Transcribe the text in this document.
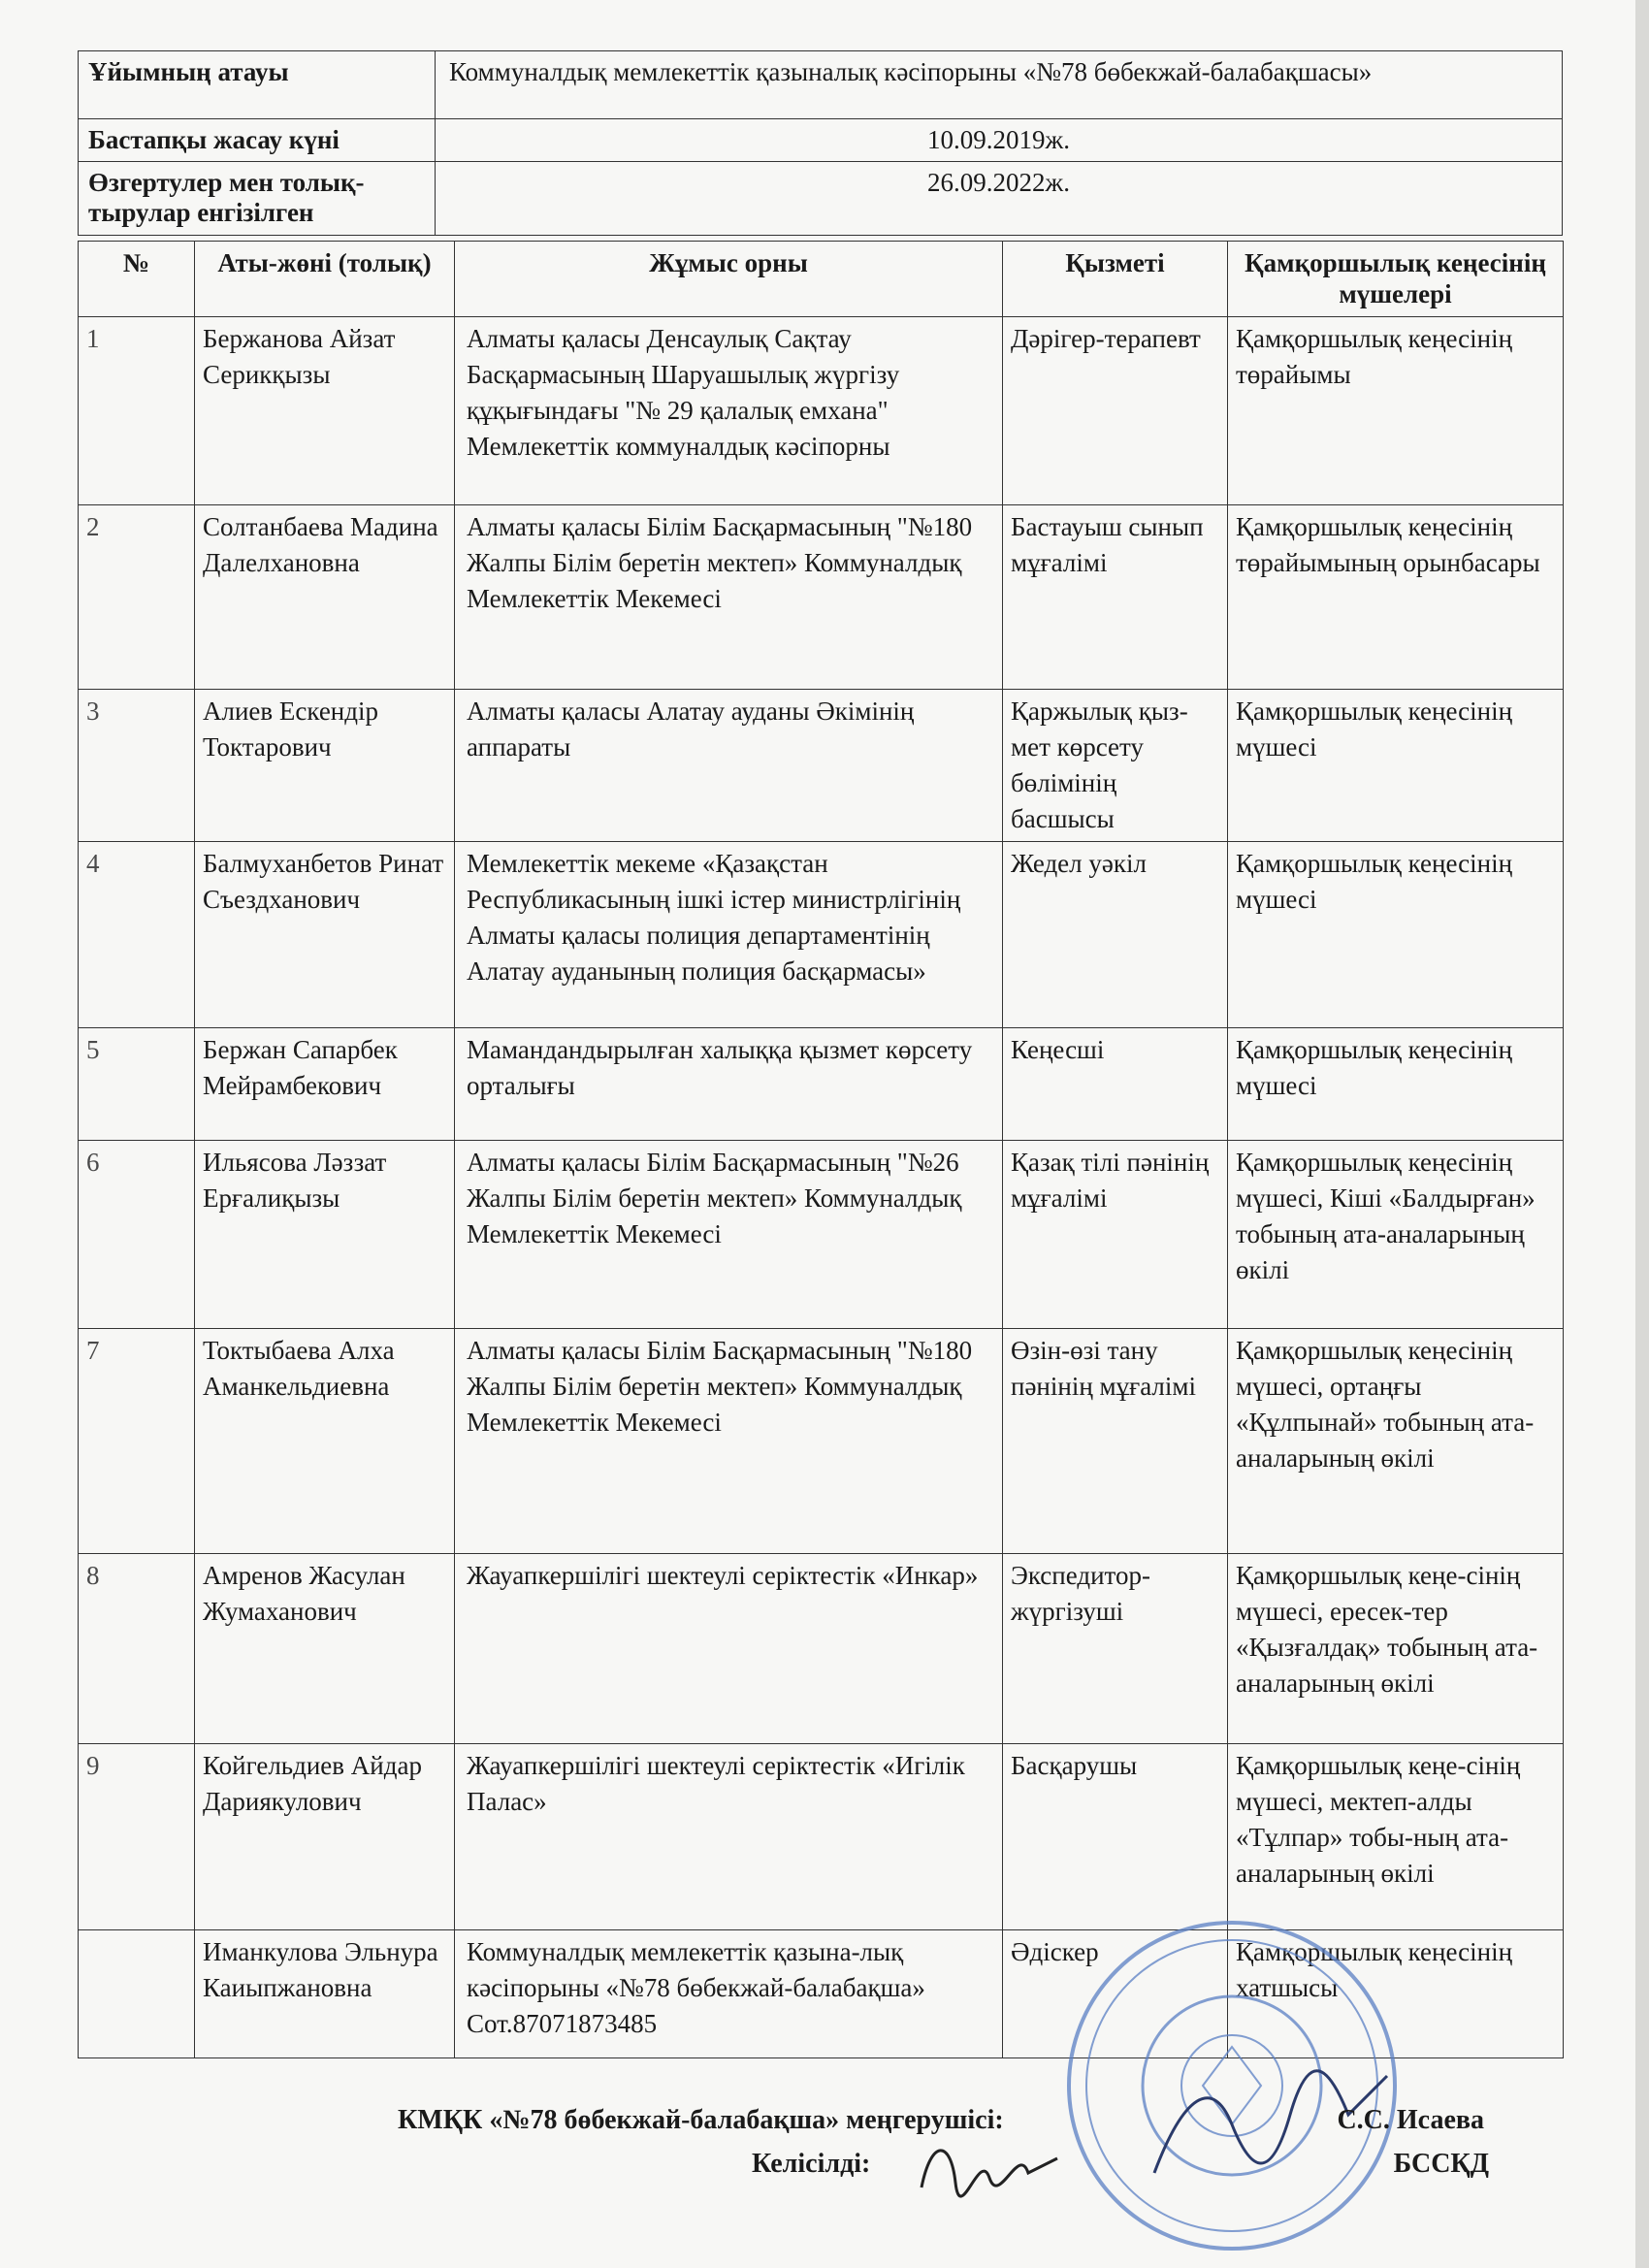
Ұйымның атауы	Коммуналдық мемлекеттік қазыналық кәсіпорыны «№78 бөбекжай-балабақшасы»
Бастапқы жасау күні	10.09.2019ж.
Өзгертулер мен толық-тырулар енгізілген	26.09.2022ж.
№	Аты-жөні (толық)	Жұмыс орны	Қызметі	Қамқоршылық кеңесінің мүшелері
1	Бержанова Айзат Серикқызы	Алматы қаласы Денсаулық Сақтау Басқармасының Шаруашылық жүргізу құқығындағы "№ 29 қалалық емхана" Мемлекеттік коммуналдық кәсіпорны	Дәрігер-терапевт	Қамқоршылық кеңесінің төрайымы
2	Солтанбаева Мадина Далелхановна	Алматы қаласы Білім Басқармасының "№180 Жалпы Білім беретін мектеп» Коммуналдық Мемлекеттік Мекемесі	Бастауыш сынып мұғалімі	Қамқоршылық кеңесінің төрайымының орынбасары
3	Алиев Ескендір Токтарович	Алматы қаласы Алатау ауданы Әкімінің аппараты	Қаржылық қыз-мет көрсету бөлімінің басшысы	Қамқоршылық кеңесінің мүшесі
4	Балмуханбетов Ринат Съездханович	Мемлекеттік мекеме «Қазақстан Республикасының ішкі істер министрлігінің Алматы қаласы полиция департаментінің Алатау ауданының полиция басқармасы»	Жедел уәкіл	Қамқоршылық кеңесінің мүшесі
5	Бержан Сапарбек Мейрамбекович	Мамандандырылған халыққа қызмет көрсету орталығы	Кеңесші	Қамқоршылық кеңесінің мүшесі
6	Ильясова Ләззат Ерғалиқызы	Алматы қаласы Білім Басқармасының "№26 Жалпы Білім беретін мектеп» Коммуналдық Мемлекеттік Мекемесі	Қазақ тілі пәнінің мұғалімі	Қамқоршылық кеңесінің мүшесі, Кіші «Балдырған» тобының ата-аналарының өкілі
7	Токтыбаева Алха Аманкельдиевна	Алматы қаласы Білім Басқармасының "№180 Жалпы Білім беретін мектеп» Коммуналдық Мемлекеттік Мекемесі	Өзін-өзі тану пәнінің мұғалімі	Қамқоршылық кеңесінің мүшесі, ортаңғы «Құлпынай» тобының ата-аналарының өкілі
8	Амренов Жасулан Жумаханович	Жауапкершілігі шектеулі серіктестік «Инкар»	Экспедитор-жүргізуші	Қамқоршылық кеңе-сінің мүшесі, ересек-тер «Қызғалдақ» тобының ата-аналарының өкілі
9	Койгельдиев Айдар Дариякулович	Жауапкершілігі шектеулі серіктестік «Игілік Палас»	Басқарушы	Қамқоршылық кеңе-сінің мүшесі, мектеп-алды «Тұлпар» тобы-ның ата-аналарының өкілі
	Иманкулова Эльнура Каиыпжановна	Коммуналдық мемлекеттік қазына-лық кәсіпорыны «№78 бөбекжай-балабақша» Сот.87071873485	Әдіскер	Қамқоршылық кеңесінің хатшысы
КМҚК «№78 бөбекжай-балабақша» меңгерушісі:	С.С. Исаева
Келісілді:	БССҚД
